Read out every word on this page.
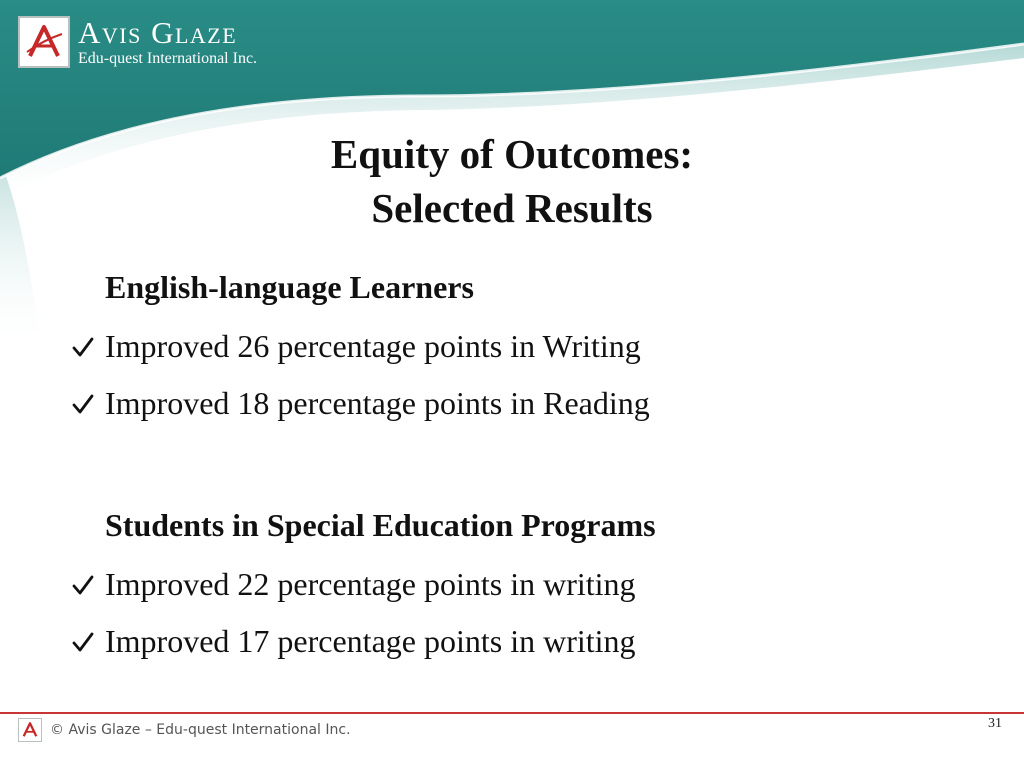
Avis Glaze
Edu-quest International Inc.
Equity of Outcomes:
Selected Results
English-language Learners
Improved 26 percentage points in Writing
Improved 18 percentage points in Reading
Students in Special Education Programs
Improved 22 percentage points in writing
Improved 17 percentage points in writing
© Avis Glaze – Edu-quest International Inc.	31
